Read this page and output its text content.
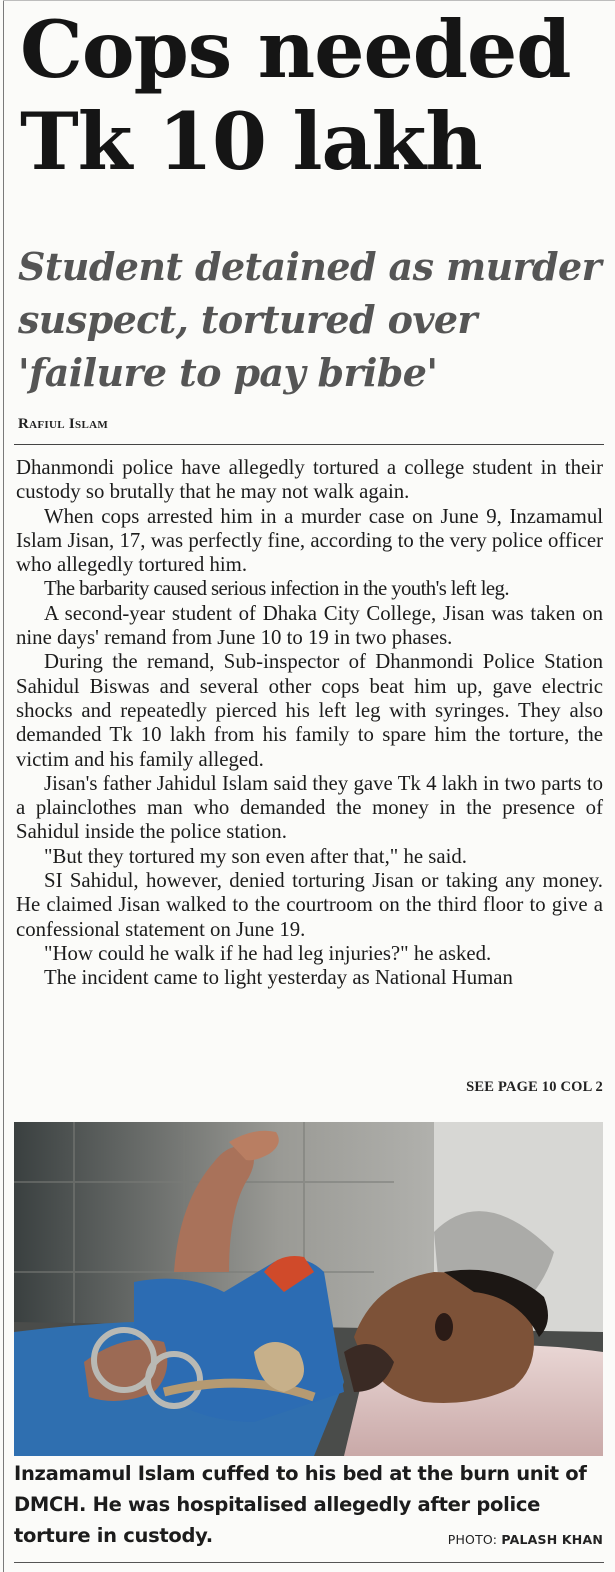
Cops needed
Tk 10 lakh
Student detained as murder
suspect, tortured over
'failure to pay bribe'
Rafiul Islam

Dhanmondi police have allegedly tortured a college student in their custody so brutally that he may not walk again.

When cops arrested him in a murder case on June 9, Inzamamul Islam Jisan, 17, was perfectly fine, according to the very police officer who allegedly tortured him.

The barbarity caused serious infection in the youth's left leg.

A second-year student of Dhaka City College, Jisan was taken on nine days' remand from June 10 to 19 in two phases.

During the remand, Sub-inspector of Dhanmondi Police Station Sahidul Biswas and several other cops beat him up, gave electric shocks and repeatedly pierced his left leg with syringes. They also demanded Tk 10 lakh from his family to spare him the torture, the victim and his family alleged.

Jisan's father Jahidul Islam said they gave Tk 4 lakh in two parts to a plainclothes man who demanded the money in the presence of Sahidul inside the police station.

"But they tortured my son even after that," he said.

SI Sahidul, however, denied torturing Jisan or taking any money. He claimed Jisan walked to the courtroom on the third floor to give a confessional statement on June 19.

"How could he walk if he had leg injuries?" he asked.

The incident came to light yesterday as National Human

SEE PAGE 10 COL 2
Inzamamul Islam cuffed to his bed at the burn unit of DMCH. He was hospitalised allegedly after police torture in custody.	PHOTO: PALASH KHAN
